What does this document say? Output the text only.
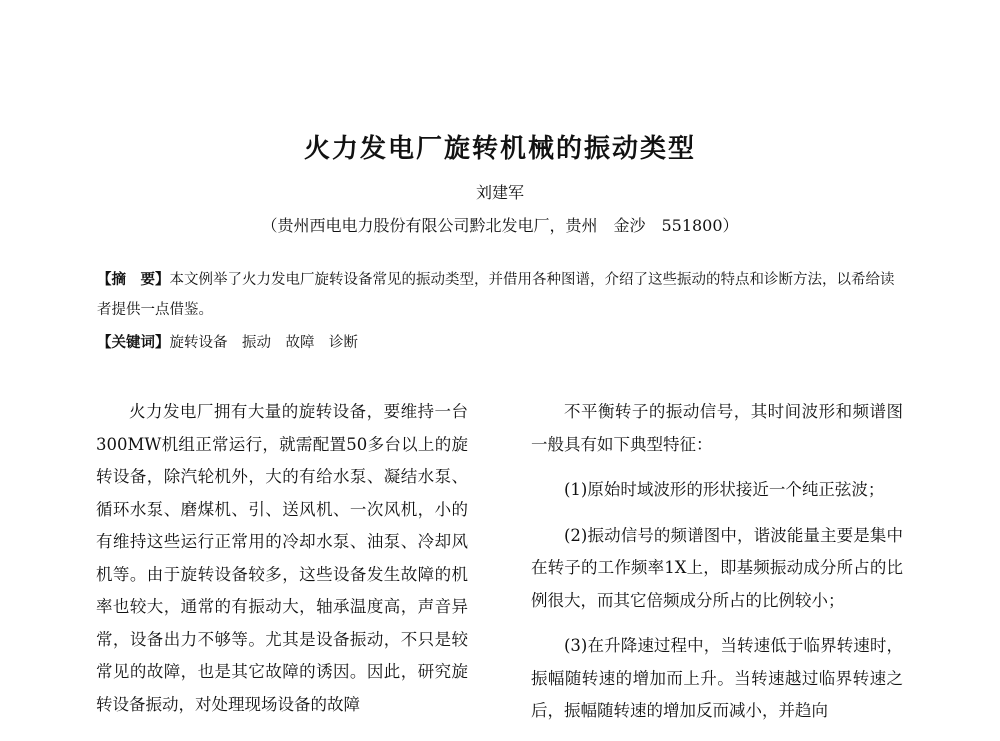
火力发电厂旋转机械的振动类型
刘建军
（贵州西电电力股份有限公司黔北发电厂，贵州　金沙　551800）
【摘　要】本文例举了火力发电厂旋转设备常见的振动类型，并借用各种图谱，介绍了这些振动的特点和诊断方法，以希给读者提供一点借鉴。
【关键词】旋转设备　振动　故障　诊断

火力发电厂拥有大量的旋转设备，要维持一台300MW机组正常运行，就需配置50多台以上的旋转设备，除汽轮机外，大的有给水泵、凝结水泵、循环水泵、磨煤机、引、送风机、一次风机，小的有维持这些运行正常用的冷却水泵、油泵、冷却风机等。由于旋转设备较多，这些设备发生故障的机率也较大，通常的有振动大，轴承温度高，声音异常，设备出力不够等。尤其是设备振动，不只是较常见的故障，也是其它故障的诱因。因此，研究旋转设备振动，对处理现场设备的故障

不平衡转子的振动信号，其时间波形和频谱图一般具有如下典型特征：

(1)原始时域波形的形状接近一个纯正弦波；

(2)振动信号的频谱图中，谐波能量主要是集中在转子的工作频率1X上，即基频振动成分所占的比例很大，而其它倍频成分所占的比例较小；

(3)在升降速过程中，当转速低于临界转速时，振幅随转速的增加而上升。当转速越过临界转速之后，振幅随转速的增加反而减小，并趋向
